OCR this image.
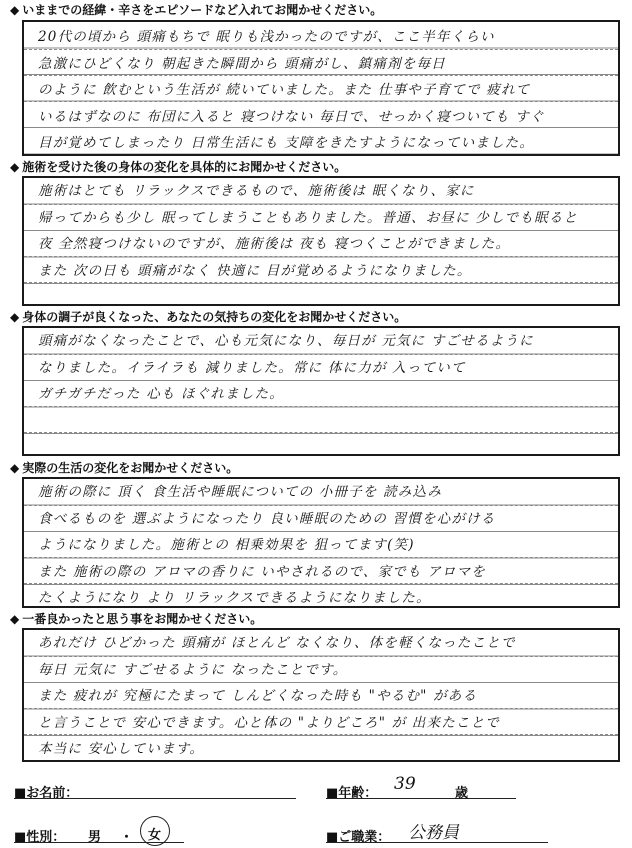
◆ いままでの経緯・辛さをエピソードなど入れてお聞かせください。
20代の頃から 頭痛もちで 眠りも浅かったのですが、ここ半年くらい
急激にひどくなり 朝起きた瞬間から 頭痛がし、鎮痛剤を毎日
のように 飲むという生活が 続いていました。また 仕事や子育てで 疲れて
いるはずなのに 布団に入ると 寝つけない 毎日で、せっかく寝ついても すぐ
目が覚めてしまったり 日常生活にも 支障をきたすようになっていました。
◆ 施術を受けた後の身体の変化を具体的にお聞かせください。
施術はとても リラックスできるもので、施術後は 眠くなり、家に
帰ってからも少し 眠ってしまうこともありました。普通、お昼に 少しでも眠ると
夜 全然寝つけないのですが、施術後は 夜も 寝つくことができました。
また 次の日も 頭痛がなく 快適に 目が覚めるようになりました。
◆ 身体の調子が良くなった、あなたの気持ちの変化をお聞かせください。
頭痛がなくなったことで、心も元気になり、毎日が 元気に すごせるように
なりました。イライラも 減りました。常に 体に力が 入っていて
ガチガチだった 心も ほぐれました。
◆ 実際の生活の変化をお聞かせください。
施術の際に 頂く 食生活や睡眠についての 小冊子を 読み込み
食べるものを 選ぶようになったり 良い睡眠のための 習慣を心がける
ようになりました。施術との 相乗効果を 狙ってます(笑)
また 施術の際の アロマの香りに いやされるので、家でも アロマを
たくようになり より リラックスできるようになりました。
◆ 一番良かったと思う事をお聞かせください。
あれだけ ひどかった 頭痛が ほとんど なくなり、体を軽くなったことで
毎日 元気に すごせるように なったことです。
また 疲れが 究極にたまって しんどくなった時も "やるむ" がある
と言うことで 安心できます。心と体の "よりどころ" が 出来たことで
本当に 安心しています。
■お名前：	■年齢： 39	歳
■性別： 男 ・ 女	■ご職業： 公務員
